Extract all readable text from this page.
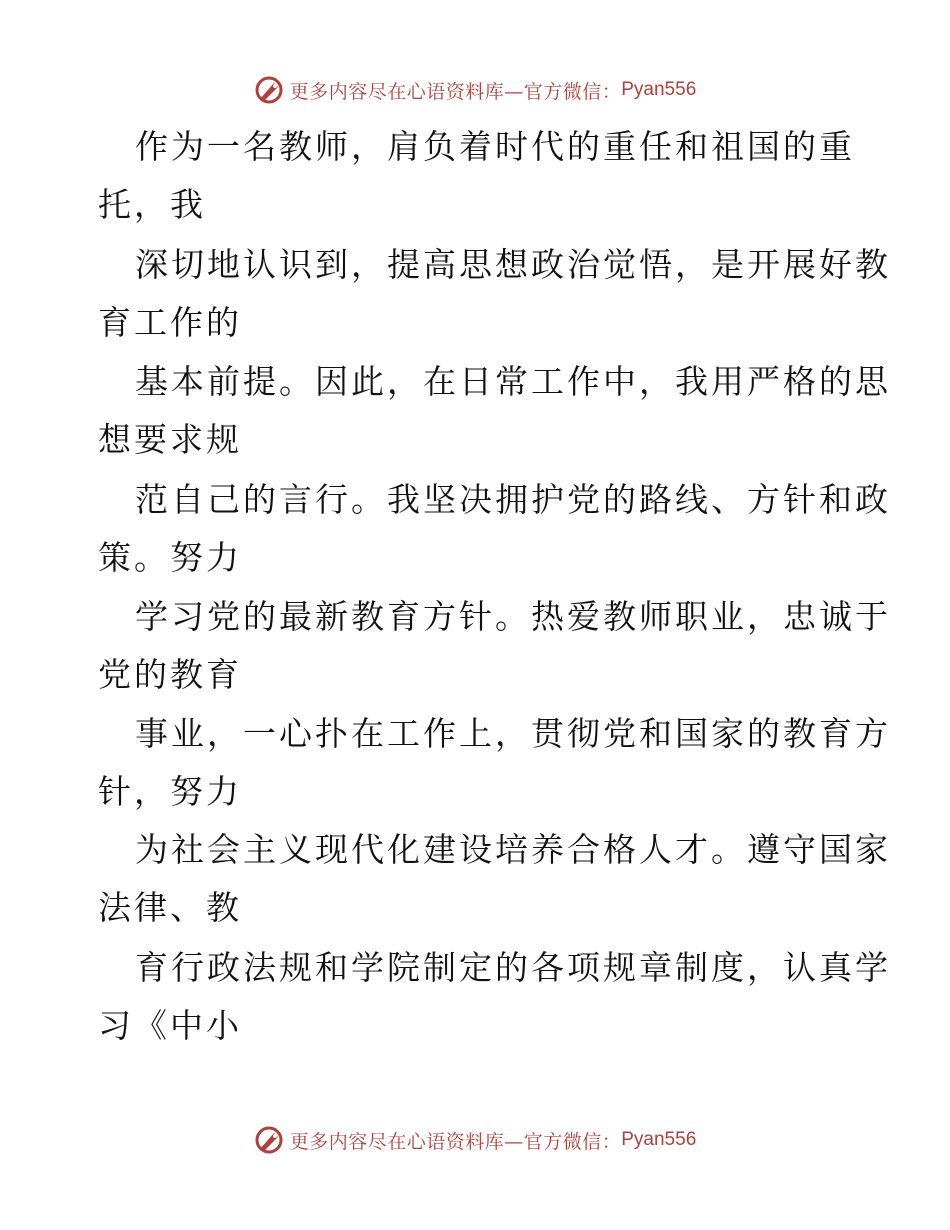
更多内容尽在心语资料库—官方微信： Pyan556
作为一名教师，肩负着时代的重任和祖国的重
托，我
深切地认识到，提高思想政治觉悟，是开展好教
育工作的
基本前提。因此，在日常工作中，我用严格的思
想要求规
范自己的言行。我坚决拥护党的路线、方针和政
策。努力
学习党的最新教育方针。热爱教师职业，忠诚于
党的教育
事业，一心扑在工作上，贯彻党和国家的教育方
针，努力
为社会主义现代化建设培养合格人才。遵守国家
法律、教
育行政法规和学院制定的各项规章制度，认真学
习《中小
更多内容尽在心语资料库—官方微信： Pyan556
